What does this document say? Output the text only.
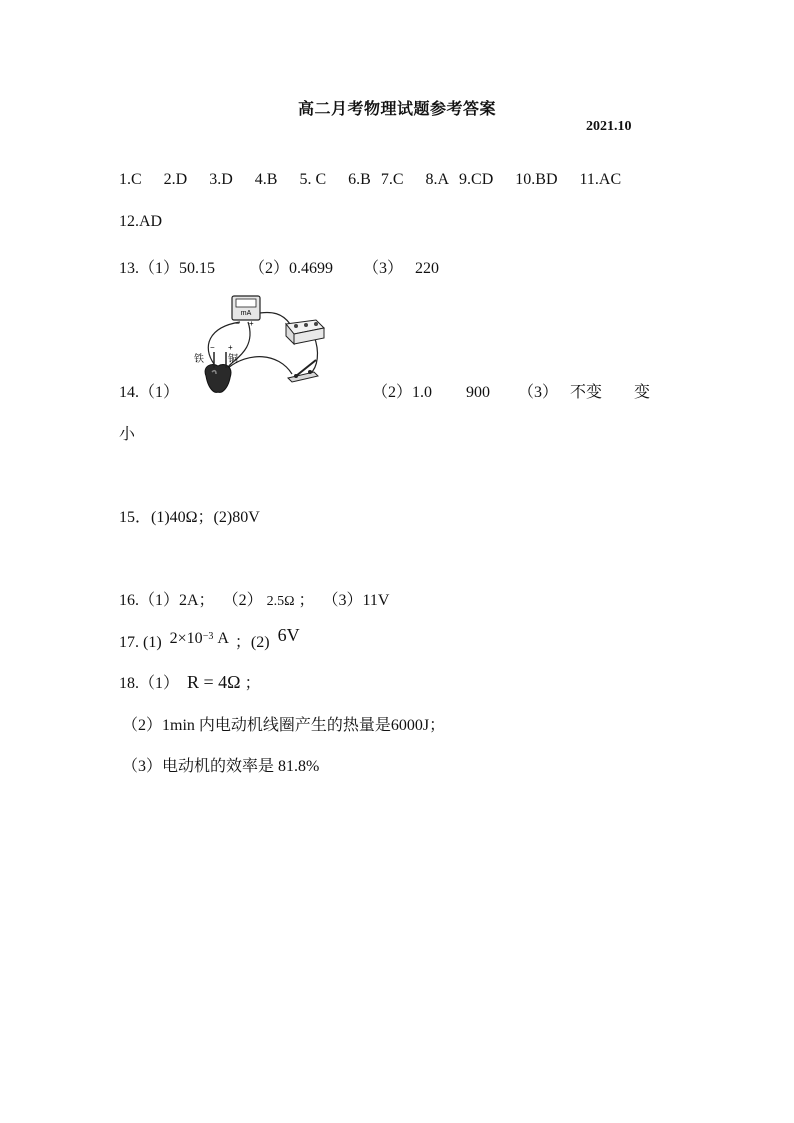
高二月考物理试题参考答案
2021.10
1.C 2.D 3.D 4.B 5. C 6.B 7.C 8.A 9.CD 10.BD 11.AC
12.AD
13.（1）50.15 （2）0.4699 （3） 220
14.（1）
mA
− +
− +
铁 铜
（2）1.0 900 （3） 不变 变
小
15．(1)40Ω；(2)80V
16.（1）2A； （2） 2.5Ω ； （3）11V
17. (1) 2×10−3 A ；(2) 6V
18.（1） R = 4Ω ；
（2）1min 内电动机线圈产生的热量是6000J；
（3）电动机的效率是 81.8%
